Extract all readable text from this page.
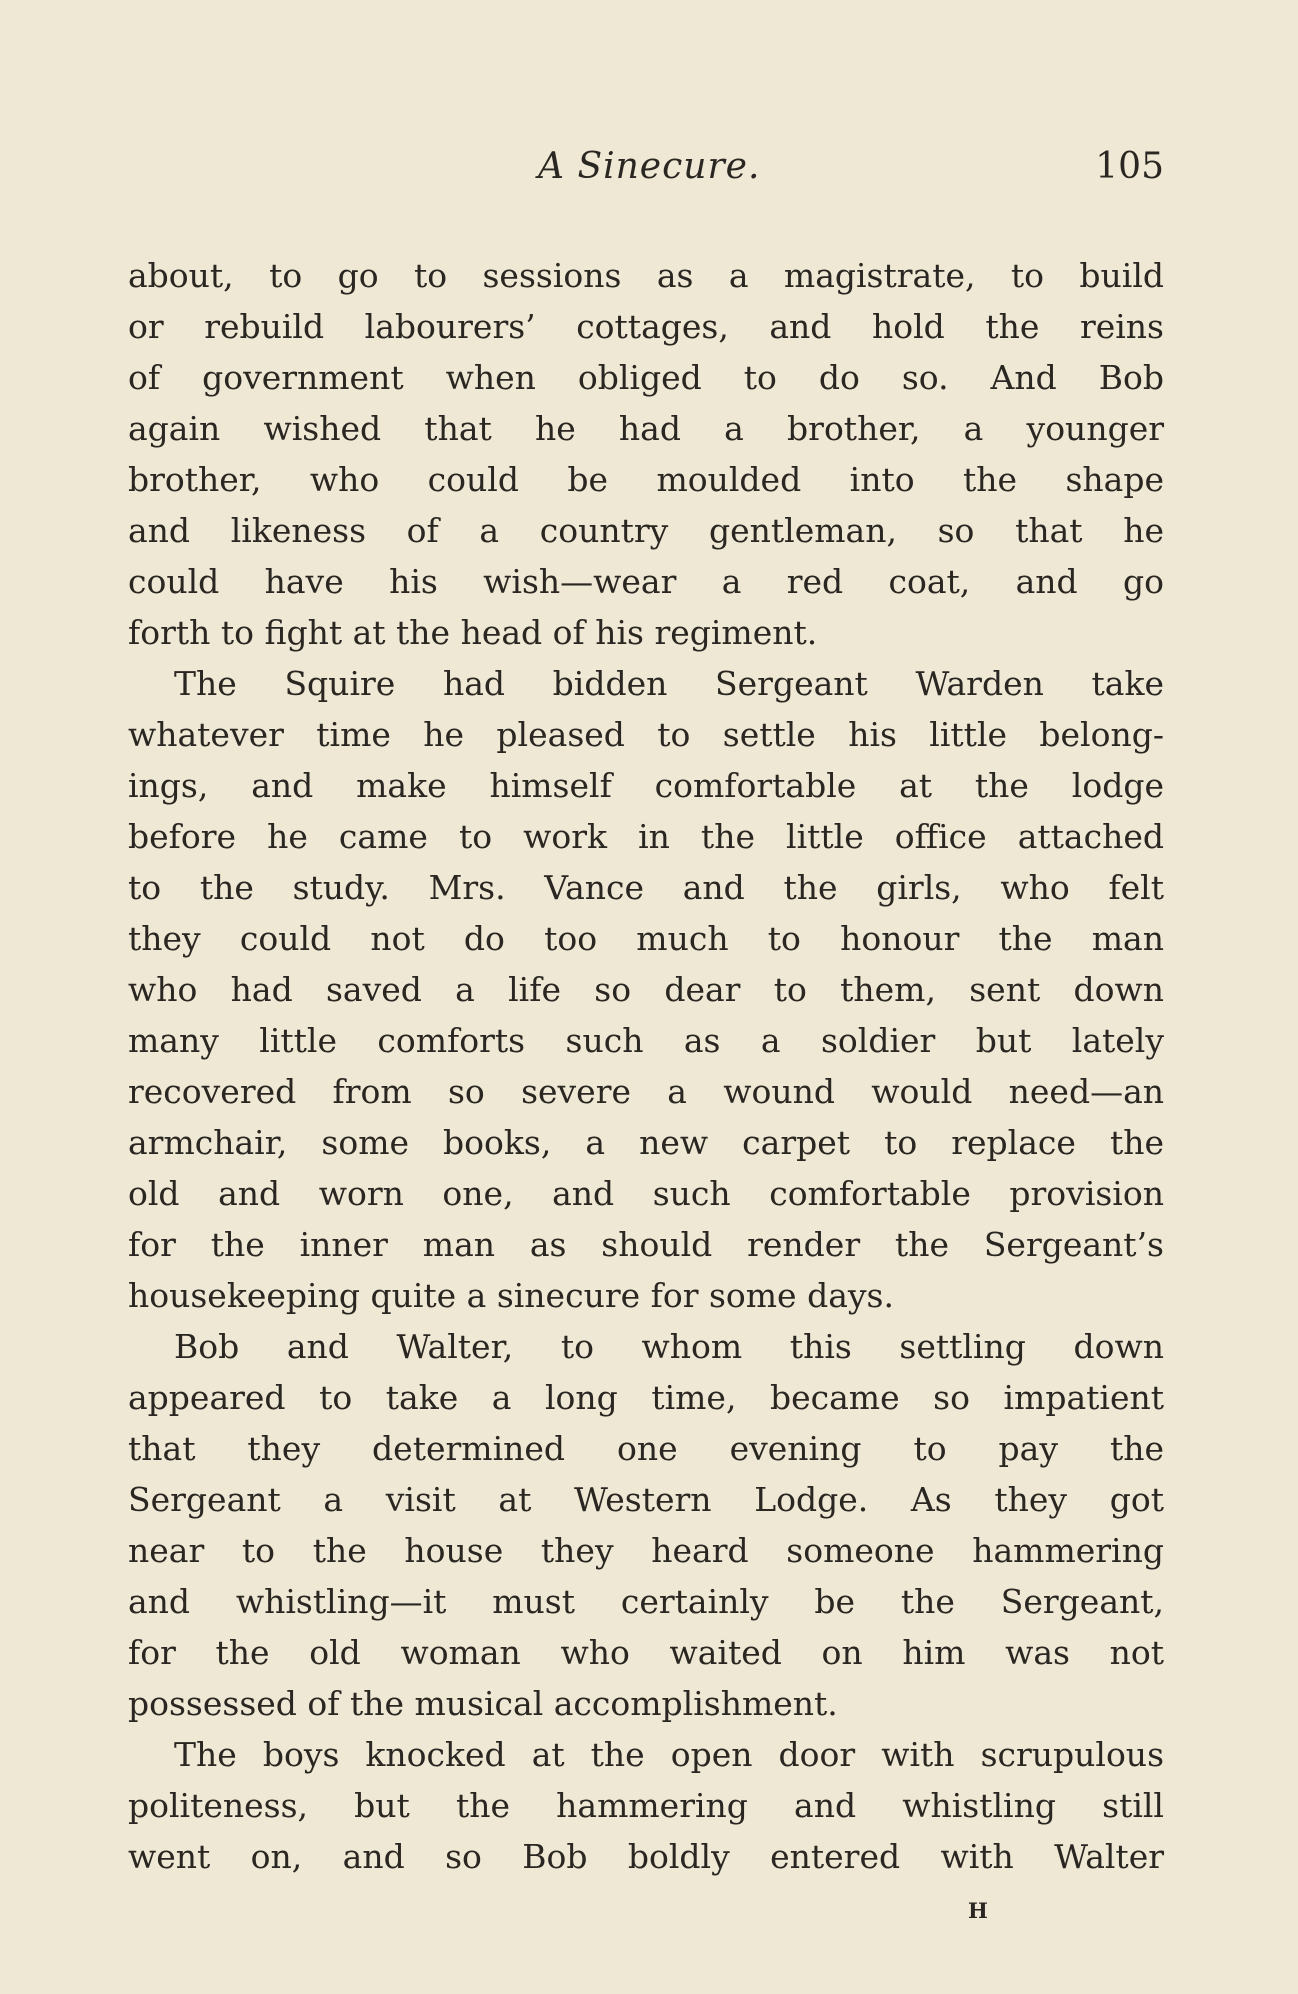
A Sinecure.	105
about, to go to sessions as a magistrate, to build
or rebuild labourers’ cottages, and hold the reins
of government when obliged to do so. And Bob
again wished that he had a brother, a younger
brother, who could be moulded into the shape
and likeness of a country gentleman, so that he
could have his wish—wear a red coat, and go
forth to fight at the head of his regiment.
The Squire had bidden Sergeant Warden take
whatever time he pleased to settle his little belong-
ings, and make himself comfortable at the lodge
before he came to work in the little office attached
to the study. Mrs. Vance and the girls, who felt
they could not do too much to honour the man
who had saved a life so dear to them, sent down
many little comforts such as a soldier but lately
recovered from so severe a wound would need—an
armchair, some books, a new carpet to replace the
old and worn one, and such comfortable provision
for the inner man as should render the Sergeant’s
housekeeping quite a sinecure for some days.
Bob and Walter, to whom this settling down
appeared to take a long time, became so impatient
that they determined one evening to pay the
Sergeant a visit at Western Lodge. As they got
near to the house they heard someone hammering
and whistling—it must certainly be the Sergeant,
for the old woman who waited on him was not
possessed of the musical accomplishment.
The boys knocked at the open door with scrupulous
politeness, but the hammering and whistling still
went on, and so Bob boldly entered with Walter
H
